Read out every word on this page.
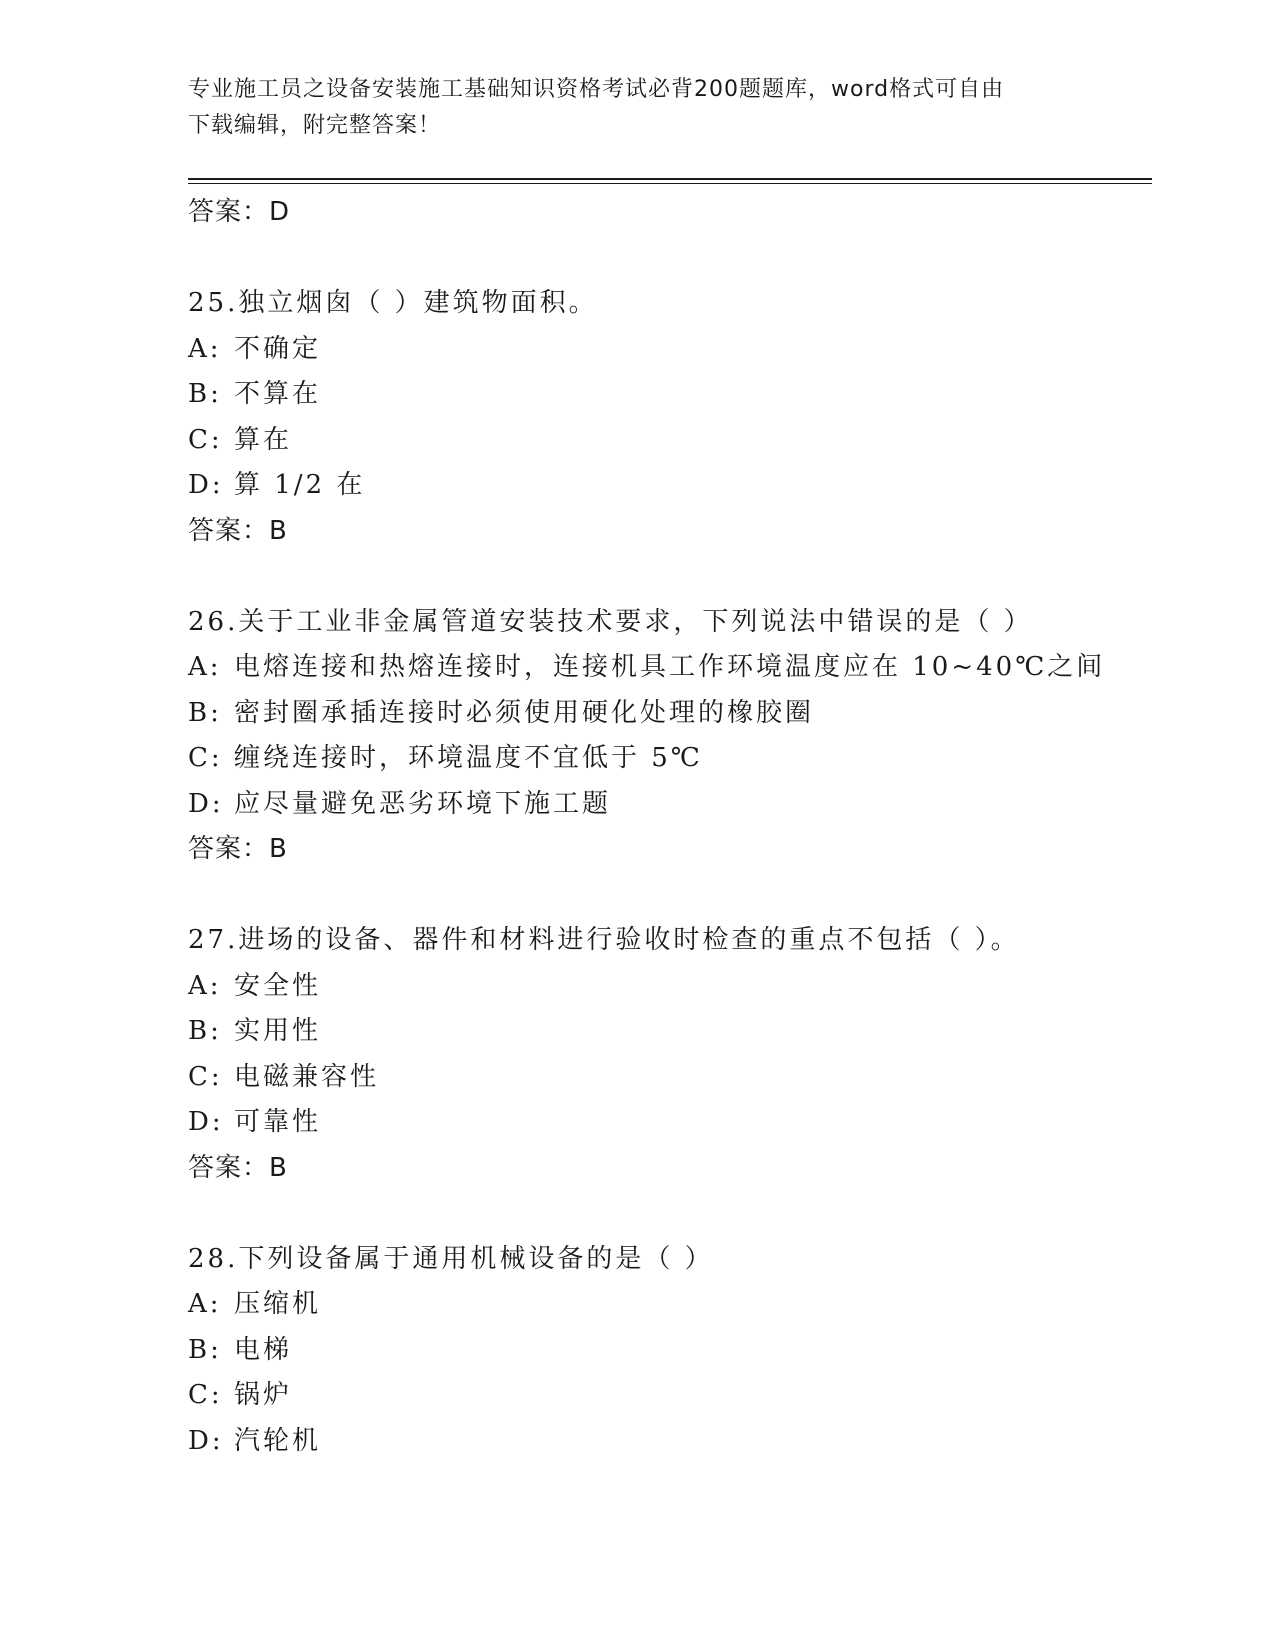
专业施工员之设备安装施工基础知识资格考试必背200题题库，word格式可自由
下载编辑，附完整答案！
答案：D
25.独立烟囱（ ）建筑物面积。
A: 不确定
B: 不算在
C: 算在
D: 算 1/2 在
答案：B
26.关于工业非金属管道安装技术要求，下列说法中错误的是（ ）
A: 电熔连接和热熔连接时，连接机具工作环境温度应在 10~40℃之间
B: 密封圈承插连接时必须使用硬化处理的橡胶圈
C: 缠绕连接时，环境温度不宜低于 5℃
D: 应尽量避免恶劣环境下施工题
答案：B
27.进场的设备、器件和材料进行验收时检查的重点不包括（ ）。
A: 安全性
B: 实用性
C: 电磁兼容性
D: 可靠性
答案：B
28.下列设备属于通用机械设备的是（ ）
A: 压缩机
B: 电梯
C: 锅炉
D: 汽轮机
